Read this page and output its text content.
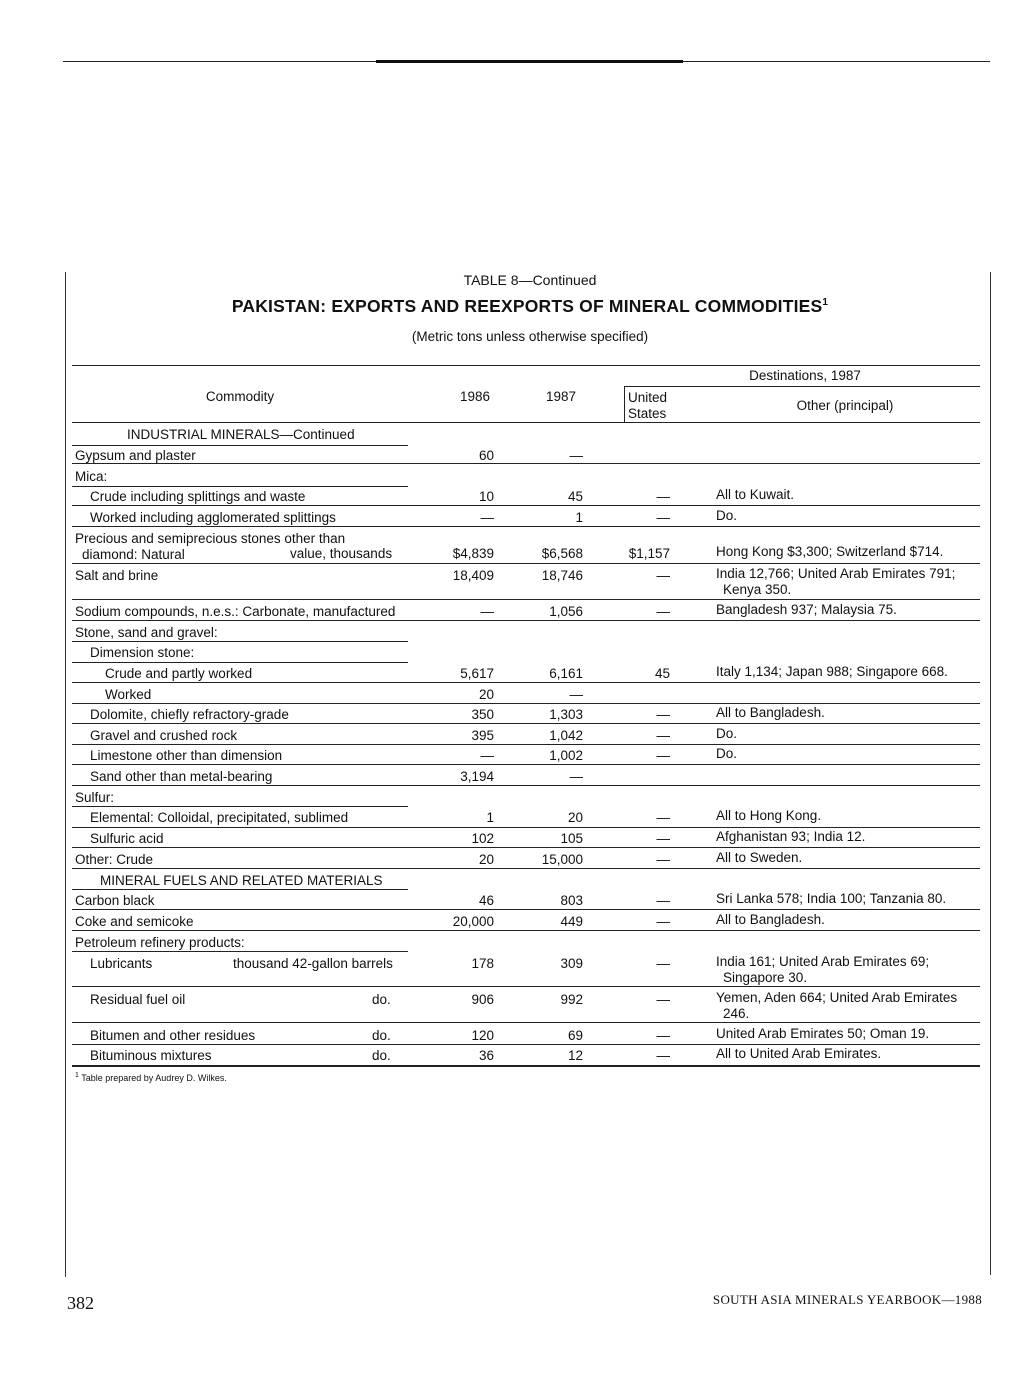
TABLE 8—Continued
PAKISTAN: EXPORTS AND REEXPORTS OF MINERAL COMMODITIES$^1$
(Metric tons unless otherwise specified)
Commodity	1986	1987
Destinations, 1987
United
States
Other (principal)
INDUSTRIAL MINERALS—Continued
Gypsum and plaster	60	—
Mica:
Crude including splittings and waste	10	45	—	All to Kuwait.
Worked including agglomerated splittings	—	1	—	Do.
Precious and semiprecious stones other than
diamond: Natural	value, thousands	$4,839	$6,568	$1,157	Hong Kong $3,300; Switzerland $714.
Salt and brine	18,409	18,746	—	India 12,766; United Arab Emirates 791;
Kenya 350.
Sodium compounds, n.e.s.: Carbonate, manufactured	—	1,056	—	Bangladesh 937; Malaysia 75.
Stone, sand and gravel:
Dimension stone:
Crude and partly worked	5,617	6,161	45	Italy 1,134; Japan 988; Singapore 668.
Worked	20	—
Dolomite, chiefly refractory-grade	350	1,303	—	All to Bangladesh.
Gravel and crushed rock	395	1,042	—	Do.
Limestone other than dimension	—	1,002	—	Do.
Sand other than metal-bearing	3,194	—
Sulfur:
Elemental: Colloidal, precipitated, sublimed	1	20	—	All to Hong Kong.
Sulfuric acid	102	105	—	Afghanistan 93; India 12.
Other: Crude	20	15,000	—	All to Sweden.
MINERAL FUELS AND RELATED MATERIALS
Carbon black	46	803	—	Sri Lanka 578; India 100; Tanzania 80.
Coke and semicoke	20,000	449	—	All to Bangladesh.
Petroleum refinery products:
Lubricants	thousand 42-gallon barrels	178	309	—	India 161; United Arab Emirates 69;
Singapore 30.
Residual fuel oil	do.	906	992	—	Yemen, Aden 664; United Arab Emirates
246.
Bitumen and other residues	do.	120	69	—	United Arab Emirates 50; Oman 19.
Bituminous mixtures	do.	36	12	—	All to United Arab Emirates.
$^1$ Table prepared by Audrey D. Wilkes.
382	SOUTH ASIA MINERALS YEARBOOK—1988
